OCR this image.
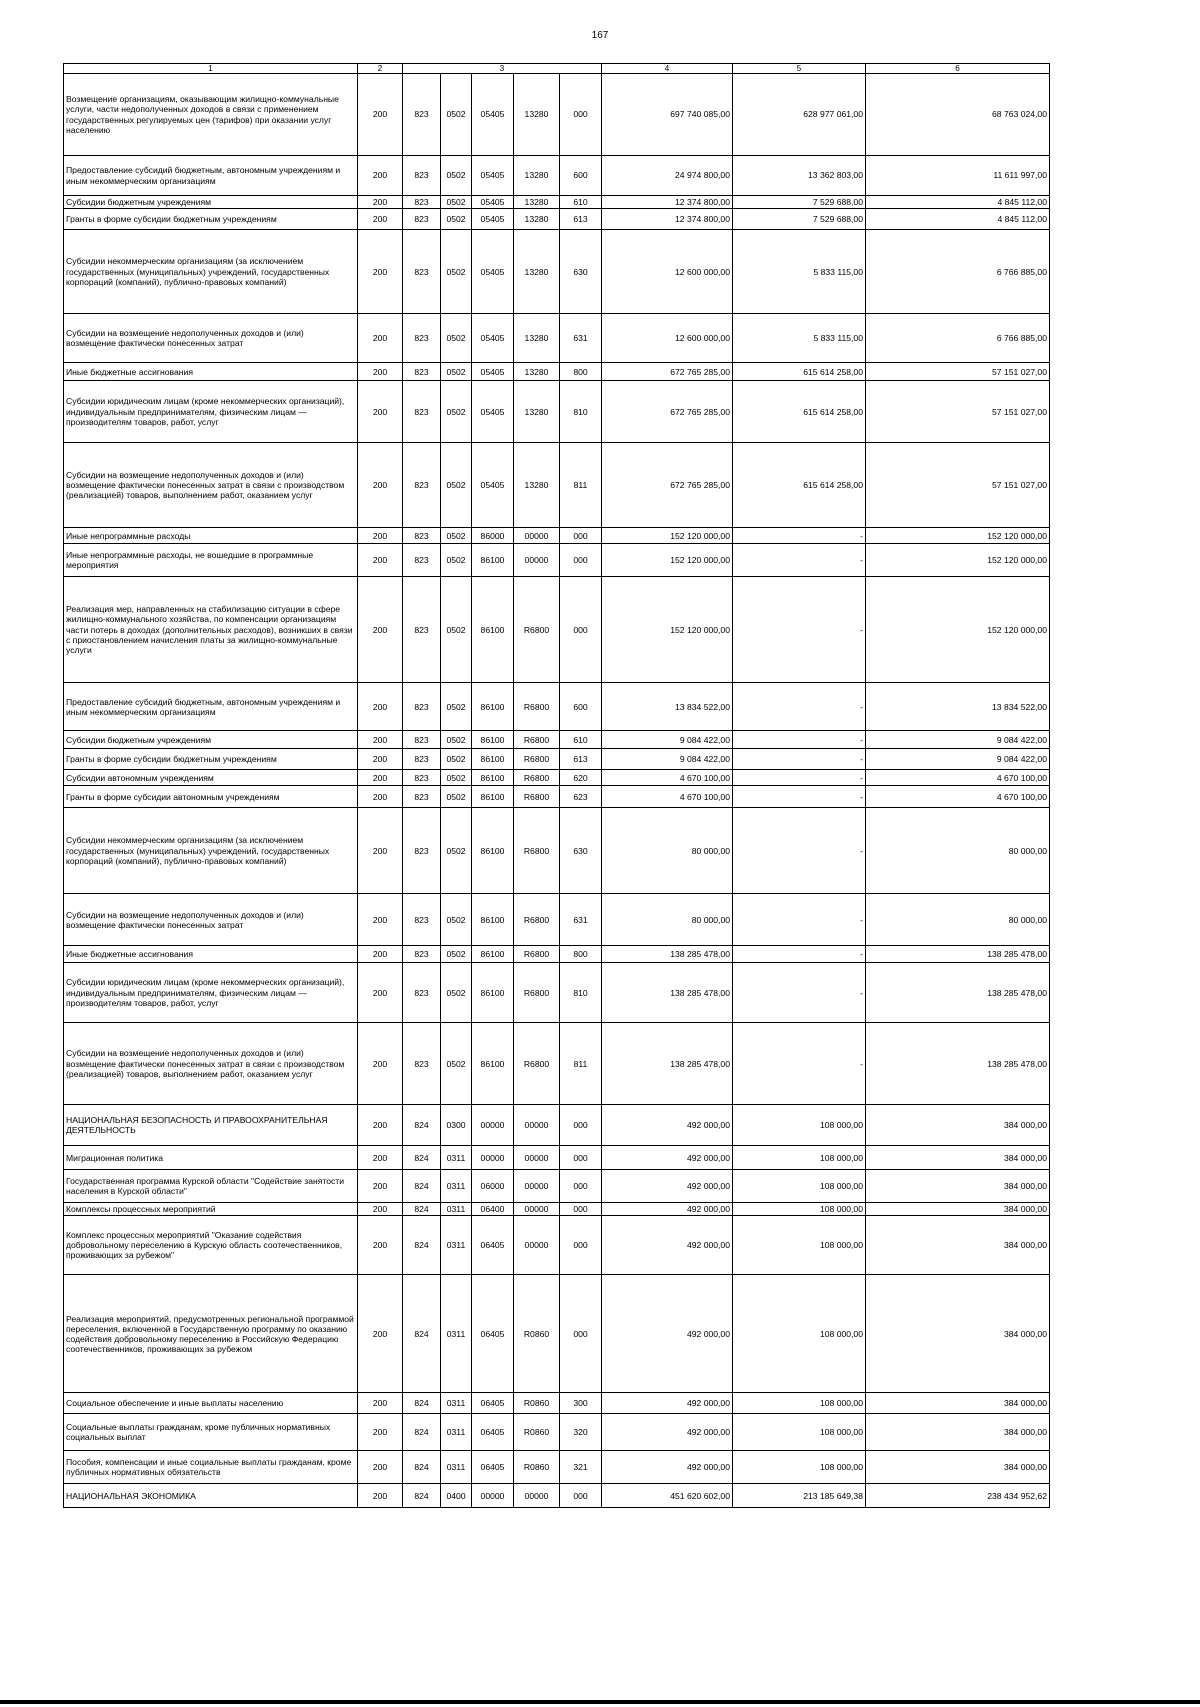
167
1	2	3					4	5	6
Возмещение организациям, оказывающим жилищно-коммунальные услуги, части недополученных доходов в связи с применением государственных регулируемых цен (тарифов) при оказании услуг населению	200	823	0502	05405	13280	000	697 740 085,00	628 977 061,00	68 763 024,00
Предоставление субсидий бюджетным, автономным учреждениям и иным некоммерческим организациям	200	823	0502	05405	13280	600	24 974 800,00	13 362 803,00	11 611 997,00
Субсидии бюджетным учреждениям	200	823	0502	05405	13280	610	12 374 800,00	7 529 688,00	4 845 112,00
Гранты в форме субсидии бюджетным учреждениям	200	823	0502	05405	13280	613	12 374 800,00	7 529 688,00	4 845 112,00
Субсидии некоммерческим организациям (за исключением государственных (муниципальных) учреждений, государственных корпораций (компаний), публично-правовых компаний)	200	823	0502	05405	13280	630	12 600 000,00	5 833 115,00	6 766 885,00
Субсидии на возмещение недополученных доходов и (или) возмещение фактически понесенных затрат	200	823	0502	05405	13280	631	12 600 000,00	5 833 115,00	6 766 885,00
Иные бюджетные ассигнования	200	823	0502	05405	13280	800	672 765 285,00	615 614 258,00	57 151 027,00
Субсидии юридическим лицам (кроме некоммерческих организаций), индивидуальным предпринимателям, физическим лицам — производителям товаров, работ, услуг	200	823	0502	05405	13280	810	672 765 285,00	615 614 258,00	57 151 027,00
Субсидии на возмещение недополученных доходов и (или) возмещение фактически понесенных затрат в связи с производством (реализацией) товаров, выполнением работ, оказанием услуг	200	823	0502	05405	13280	811	672 765 285,00	615 614 258,00	57 151 027,00
Иные непрограммные расходы	200	823	0502	86000	00000	000	152 120 000,00	-	152 120 000,00
Иные непрограммные расходы, не вошедшие в программные мероприятия	200	823	0502	86100	00000	000	152 120 000,00	-	152 120 000,00
Реализация мер, направленных на стабилизацию ситуации в сфере жилищно-коммунального хозяйства, по компенсации организациям части потерь в доходах (дополнительных расходов), возникших в связи с приостановлением начисления платы за жилищно-коммунальные услуги	200	823	0502	86100	R6800	000	152 120 000,00	-	152 120 000,00
Предоставление субсидий бюджетным, автономным учреждениям и иным некоммерческим организациям	200	823	0502	86100	R6800	600	13 834 522,00	-	13 834 522,00
Субсидии бюджетным учреждениям	200	823	0502	86100	R6800	610	9 084 422,00	-	9 084 422,00
Гранты в форме субсидии бюджетным учреждениям	200	823	0502	86100	R6800	613	9 084 422,00	-	9 084 422,00
Субсидии автономным учреждениям	200	823	0502	86100	R6800	620	4 670 100,00	-	4 670 100,00
Гранты в форме субсидии автономным учреждениям	200	823	0502	86100	R6800	623	4 670 100,00	-	4 670 100,00
Субсидии некоммерческим организациям (за исключением государственных (муниципальных) учреждений, государственных корпораций (компаний), публично-правовых компаний)	200	823	0502	86100	R6800	630	80 000,00	-	80 000,00
Субсидии на возмещение недополученных доходов и (или) возмещение фактически понесенных затрат	200	823	0502	86100	R6800	631	80 000,00	-	80 000,00
Иные бюджетные ассигнования	200	823	0502	86100	R6800	800	138 285 478,00	-	138 285 478,00
Субсидии юридическим лицам (кроме некоммерческих организаций), индивидуальным предпринимателям, физическим лицам — производителям товаров, работ, услуг	200	823	0502	86100	R6800	810	138 285 478,00	-	138 285 478,00
Субсидии на возмещение недополученных доходов и (или) возмещение фактически понесенных затрат в связи с производством (реализацией) товаров, выполнением работ, оказанием услуг	200	823	0502	86100	R6800	811	138 285 478,00	-	138 285 478,00
НАЦИОНАЛЬНАЯ БЕЗОПАСНОСТЬ И ПРАВООХРАНИТЕЛЬНАЯ ДЕЯТЕЛЬНОСТЬ	200	824	0300	00000	00000	000	492 000,00	108 000,00	384 000,00
Миграционная политика	200	824	0311	00000	00000	000	492 000,00	108 000,00	384 000,00
Государственная программа Курской области "Содействие занятости населения в Курской области"	200	824	0311	06000	00000	000	492 000,00	108 000,00	384 000,00
Комплексы процессных мероприятий	200	824	0311	06400	00000	000	492 000,00	108 000,00	384 000,00
Комплекс процессных мероприятий "Оказание содействия добровольному переселению в Курскую область соотечественников, проживающих за рубежом"	200	824	0311	06405	00000	000	492 000,00	108 000,00	384 000,00
Реализация мероприятий, предусмотренных региональной программой переселения, включенной в Государственную программу по оказанию содействия добровольному переселению в Российскую Федерацию соотечественников, проживающих за рубежом	200	824	0311	06405	R0860	000	492 000,00	108 000,00	384 000,00
Социальное обеспечение и иные выплаты населению	200	824	0311	06405	R0860	300	492 000,00	108 000,00	384 000,00
Социальные выплаты гражданам, кроме публичных нормативных социальных выплат	200	824	0311	06405	R0860	320	492 000,00	108 000,00	384 000,00
Пособия, компенсации и иные социальные выплаты гражданам, кроме публичных нормативных обязательств	200	824	0311	06405	R0860	321	492 000,00	108 000,00	384 000,00
НАЦИОНАЛЬНАЯ ЭКОНОМИКА	200	824	0400	00000	00000	000	451 620 602,00	213 185 649,38	238 434 952,62
